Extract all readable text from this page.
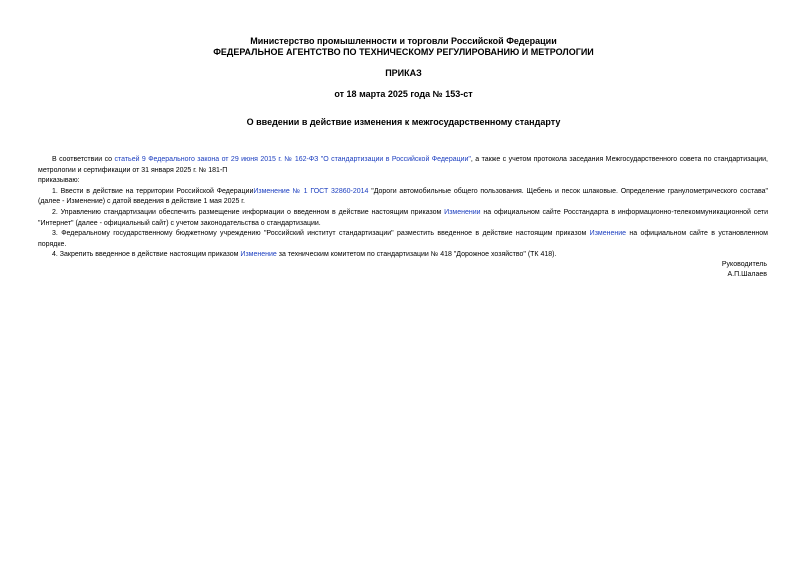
Министерство промышленности и торговли Российской Федерации
ФЕДЕРАЛЬНОЕ АГЕНТСТВО ПО ТЕХНИЧЕСКОМУ РЕГУЛИРОВАНИЮ И МЕТРОЛОГИИ
ПРИКАЗ
от 18 марта 2025 года № 153-ст
О введении в действие изменения к межгосударственному стандарту

В соответствии со статьей 9 Федерального закона от 29 июня 2015 г. № 162-ФЗ "О стандартизации в Российской Федерации", а также с учетом протокола заседания Межгосударственного совета по стандартизации, метрологии и сертификации от 31 января 2025 г. № 181-П

приказываю:

1. Ввести в действие на территории Российской ФедерацииИзменение № 1 ГОСТ 32860-2014 "Дороги автомобильные общего пользования. Щебень и песок шлаковые. Определение гранулометрического состава" (далее - Изменение) с датой введения в действие 1 мая 2025 г.

2. Управлению стандартизации обеспечить размещение информации о введенном в действие настоящим приказом Изменении на официальном сайте Росстандарта в информационно-телекоммуникационной сети "Интернет" (далее - официальный сайт) с учетом законодательства о стандартизации.

3. Федеральному государственному бюджетному учреждению "Российский институт стандартизации" разместить введенное в действие настоящим приказом Изменение на официальном сайте в установленном порядке.

4. Закрепить введенное в действие настоящим приказом Изменение за техническим комитетом по стандартизации № 418 "Дорожное хозяйство" (ТК 418).

Руководитель
А.П.Шалаев
